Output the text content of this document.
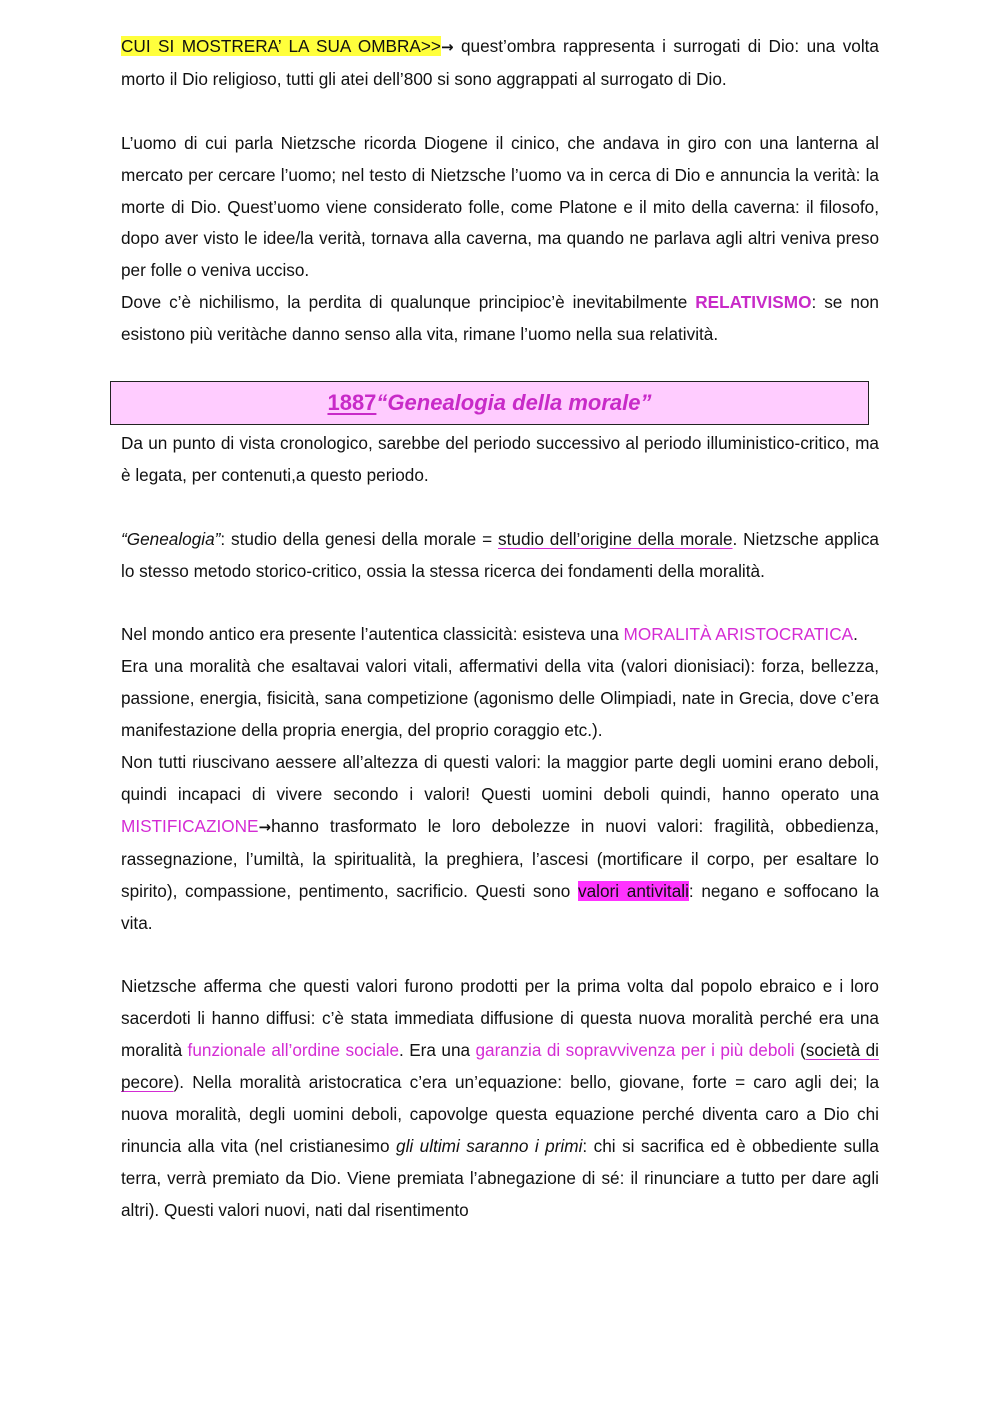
CUI SI MOSTRERA’ LA SUA OMBRA>>→ quest’ombra rappresenta i surrogati di Dio: una volta morto il Dio religioso, tutti gli atei dell’800 si sono aggrappati al surrogato di Dio.

L’uomo di cui parla Nietzsche ricorda Diogene il cinico, che andava in giro con una lanterna al mercato per cercare l’uomo; nel testo di Nietzsche l’uomo va in cerca di Dio e annuncia la verità: la morte di Dio. Quest’uomo viene considerato folle, come Platone e il mito della caverna: il filosofo, dopo aver visto le idee/la verità, tornava alla caverna, ma quando ne parlava agli altri veniva preso per folle o veniva ucciso.

Dove c’è nichilismo, la perdita di qualunque principioc’è inevitabilmente RELATIVISMO: se non esistono più veritàche danno senso alla vita, rimane l’uomo nella sua relatività.

1887“Genealogia della morale”

Da un punto di vista cronologico, sarebbe del periodo successivo al periodo illuministico-critico, ma è legata, per contenuti,a questo periodo.

“Genealogia”: studio della genesi della morale = studio dell’origine della morale. Nietzsche applica lo stesso metodo storico-critico, ossia la stessa ricerca dei fondamenti della moralità.

Nel mondo antico era presente l’autentica classicità: esisteva una MORALITÀ ARISTOCRATICA.

Era una moralità che esaltavai valori vitali, affermativi della vita (valori dionisiaci): forza, bellezza, passione, energia, fisicità, sana competizione (agonismo delle Olimpiadi, nate in Grecia, dove c’era manifestazione della propria energia, del proprio coraggio etc.).

Non tutti riuscivano aessere all’altezza di questi valori: la maggior parte degli uomini erano deboli, quindi incapaci di vivere secondo i valori! Questi uomini deboli quindi, hanno operato una MISTIFICAZIONE→hanno trasformato le loro debolezze in nuovi valori: fragilità, obbedienza, rassegnazione, l’umiltà, la spiritualità, la preghiera, l’ascesi (mortificare il corpo, per esaltare lo spirito), compassione, pentimento, sacrificio. Questi sono valori antivitali: negano e soffocano la vita.

Nietzsche afferma che questi valori furono prodotti per la prima volta dal popolo ebraico e i loro sacerdoti li hanno diffusi: c’è stata immediata diffusione di questa nuova moralità perché era una moralità funzionale all’ordine sociale. Era una garanzia di sopravvivenza per i più deboli (società di pecore). Nella moralità aristocratica c’era un’equazione: bello, giovane, forte = caro agli dei; la nuova moralità, degli uomini deboli, capovolge questa equazione perché diventa caro a Dio chi rinuncia alla vita (nel cristianesimo gli ultimi saranno i primi: chi si sacrifica ed è obbediente sulla terra, verrà premiato da Dio. Viene premiata l’abnegazione di sé: il rinunciare a tutto per dare agli altri). Questi valori nuovi, nati dal risentimento
